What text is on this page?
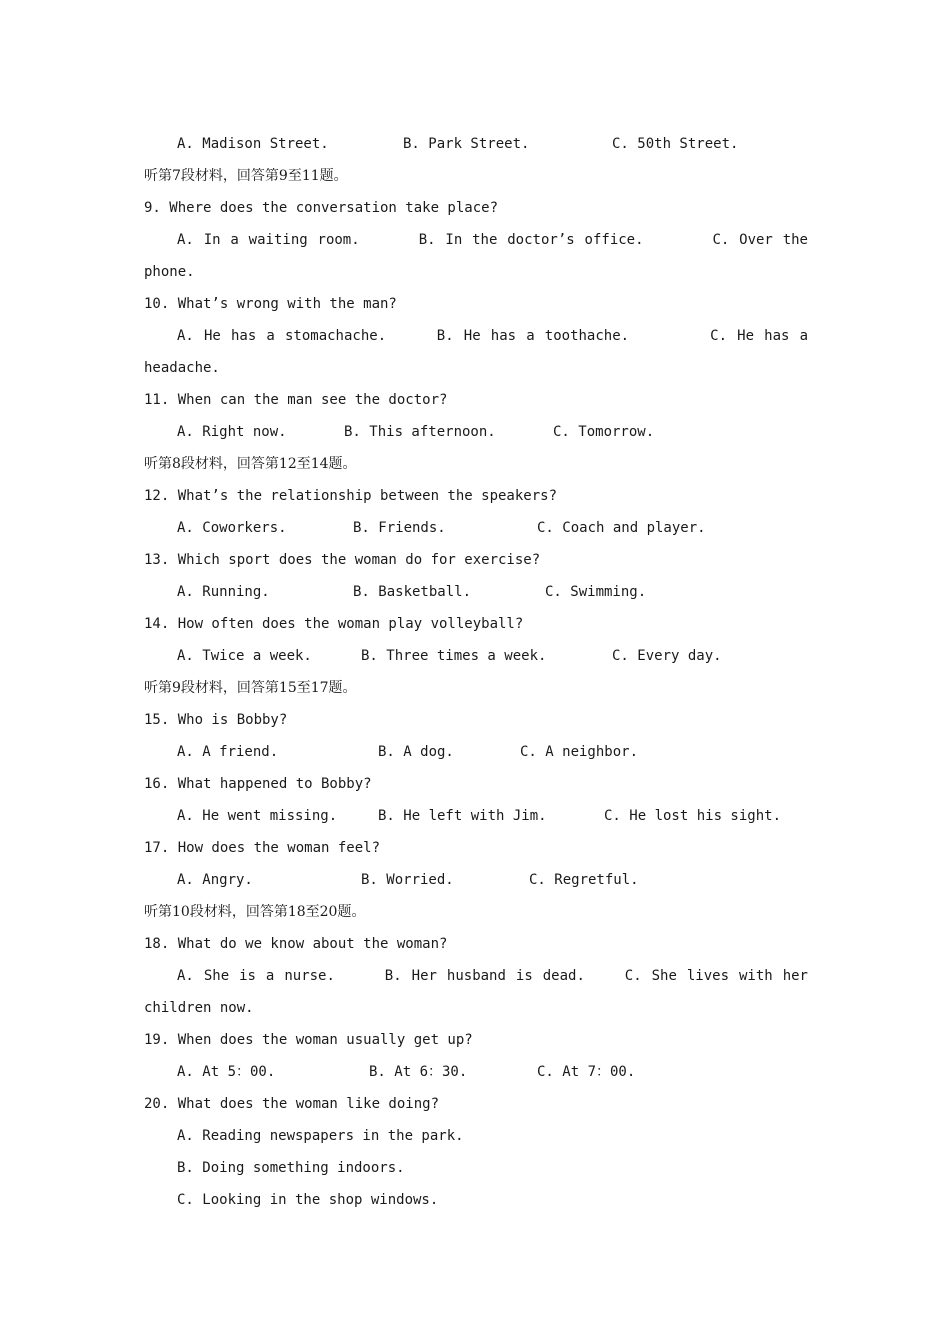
A. Madison Street.	B. Park Street.	C. 50th Street.
听第7段材料，回答第9至11题。
9. Where does the conversation take place?
A. In a waiting room.      B. In the doctor’s office.       C. Over the
phone.
10. What’s wrong with the man?
A. He has a stomachache.     B. He has a toothache.        C. He has a
headache.
11. When can the man see the doctor?
A. Right now.	B. This afternoon.	C. Tomorrow.
听第8段材料，回答第12至14题。
12. What’s the relationship between the speakers?
A. Coworkers.	B. Friends.	C. Coach and player.
13. Which sport does the woman do for exercise?
A. Running.	B. Basketball.	C. Swimming.
14. How often does the woman play volleyball?
A. Twice a week.	B. Three times a week.	C. Every day.
听第9段材料，回答第15至17题。
15. Who is Bobby?
A. A friend.	B. A dog.	C. A neighbor.
16. What happened to Bobby?
A. He went missing.	B. He left with Jim.	C. He lost his sight.
17. How does the woman feel?
A. Angry.	B. Worried.	C. Regretful.
听第10段材料，回答第18至20题。
18. What do we know about the woman?
A. She is a nurse.     B. Her husband is dead.    C. She lives with her
children now.
19. When does the woman usually get up?
A. At 5：00.	B. At 6：30.	C. At 7：00.
20. What does the woman like doing?
A. Reading newspapers in the park.
B. Doing something indoors.
C. Looking in the shop windows.
